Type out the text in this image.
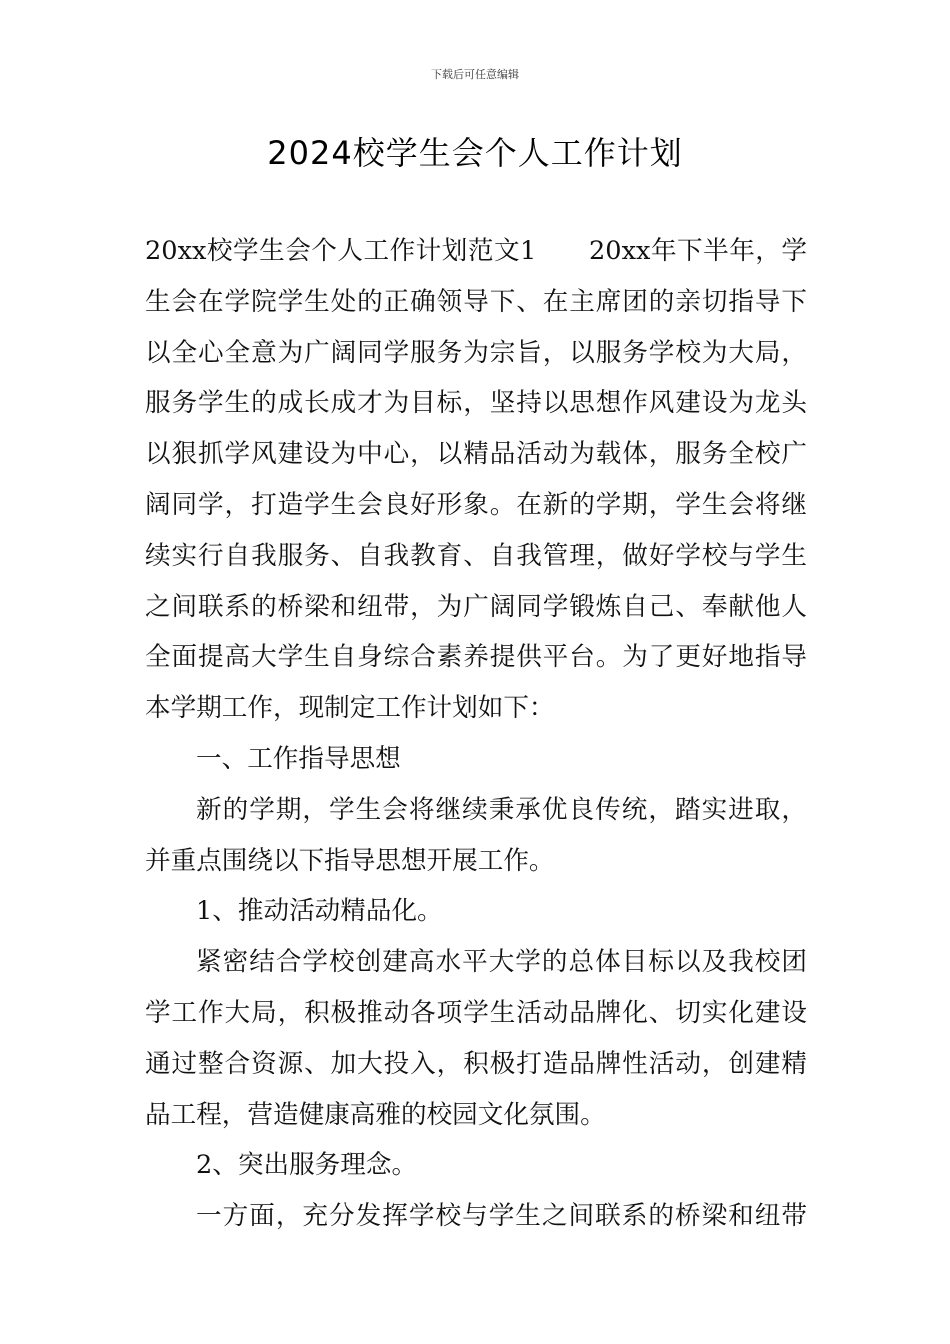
下载后可任意编辑
2024校学生会个人工作计划
20xx校学生会个人工作计划范文1　　20xx年下半年，学
生会在学院学生处的正确领导下、在主席团的亲切指导下
以全心全意为广阔同学服务为宗旨，以服务学校为大局，
服务学生的成长成才为目标，坚持以思想作风建设为龙头
以狠抓学风建设为中心，以精品活动为载体，服务全校广
阔同学，打造学生会良好形象。在新的学期，学生会将继
续实行自我服务、自我教育、自我管理，做好学校与学生
之间联系的桥梁和纽带，为广阔同学锻炼自己、奉献他人
全面提高大学生自身综合素养提供平台。为了更好地指导
本学期工作，现制定工作计划如下：
一、工作指导思想
新的学期，学生会将继续秉承优良传统，踏实进取，
并重点围绕以下指导思想开展工作。
1、推动活动精品化。
紧密结合学校创建高水平大学的总体目标以及我校团
学工作大局，积极推动各项学生活动品牌化、切实化建设
通过整合资源、加大投入，积极打造品牌性活动，创建精
品工程，营造健康高雅的校园文化氛围。
2、突出服务理念。
一方面，充分发挥学校与学生之间联系的桥梁和纽带
